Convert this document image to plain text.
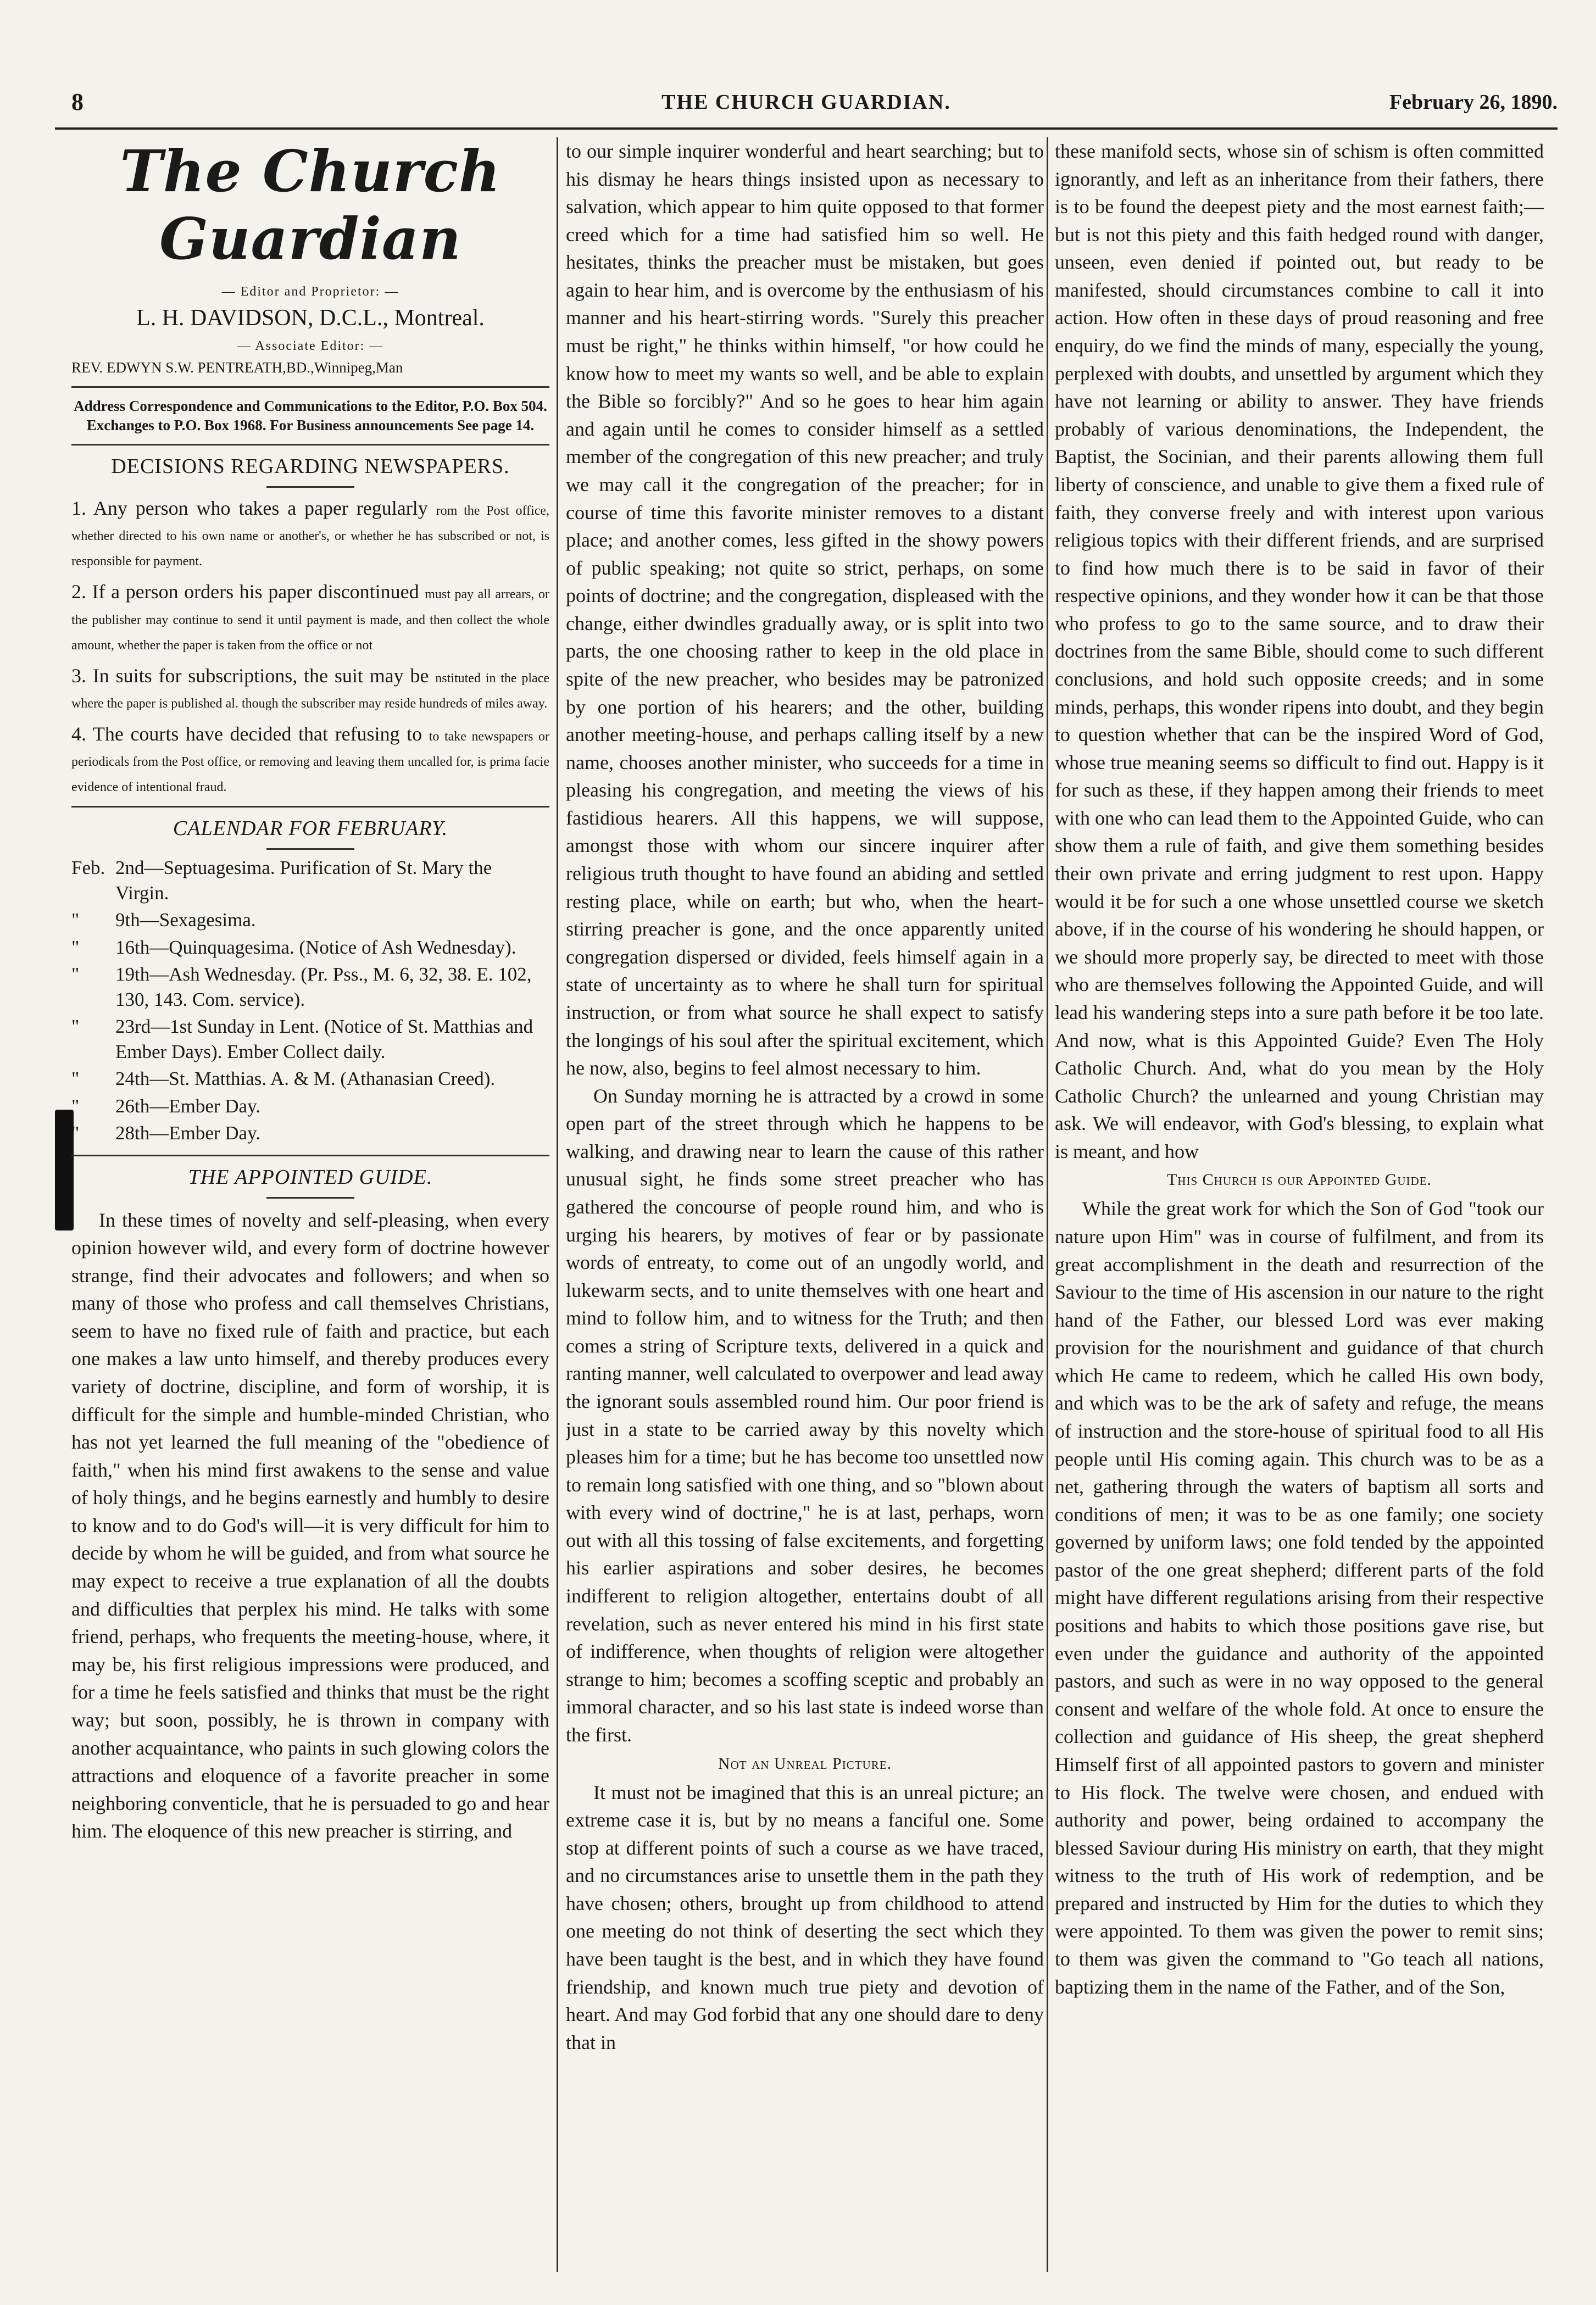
8	THE CHURCH GUARDIAN.	February 26, 1890.
The Church Guardian
— Editor and Proprietor: —
L. H. DAVIDSON, D.C.L., Montreal.
— Associate Editor: —
REV. EDWYN S.W. PENTREATH,BD.,Winnipeg,Man
Address Correspondence and Communications to the Editor, P.O. Box 504. Exchanges to P.O. Box 1968. For Business announcements See page 14.
DECISIONS REGARDING NEWSPAPERS.
1. Any person who takes a paper regularly rom the Post office, whether directed to his own name or another's, or whether he has subscribed or not, is responsible for payment.
2. If a person orders his paper discontinued must pay all arrears, or the publisher may continue to send it until payment is made, and then collect the whole amount, whether the paper is taken from the office or not
3. In suits for subscriptions, the suit may be nstituted in the place where the paper is published al. though the subscriber may reside hundreds of miles away.
4. The courts have decided that refusing to to take newspapers or periodicals from the Post office, or removing and leaving them uncalled for, is prima facie evidence of intentional fraud.
CALENDAR FOR FEBRUARY.
Feb. 2nd—Septuagesima. Purification of St. Mary the Virgin.
"	9th—Sexagesima.
"	16th—Quinquagesima. (Notice of Ash Wednesday).
"	19th—Ash Wednesday. (Pr. Pss., M. 6, 32, 38. E. 102, 130, 143. Com. service).
"	23rd—1st Sunday in Lent. (Notice of St. Matthias and Ember Days). Ember Collect daily.
"	24th—St. Matthias. A. & M. (Athanasian Creed).
"	26th—Ember Day.
"	28th—Ember Day.
THE APPOINTED GUIDE.

In these times of novelty and self-pleasing, when every opinion however wild, and every form of doctrine however strange, find their advocates and followers; and when so many of those who profess and call themselves Christians, seem to have no fixed rule of faith and practice, but each one makes a law unto himself, and thereby produces every variety of doctrine, discipline, and form of worship, it is difficult for the simple and humble-minded Christian, who has not yet learned the full meaning of the "obedience of faith," when his mind first awakens to the sense and value of holy things, and he begins earnestly and humbly to desire to know and to do God's will—it is very difficult for him to decide by whom he will be guided, and from what source he may expect to receive a true explanation of all the doubts and difficulties that perplex his mind. He talks with some friend, perhaps, who frequents the meeting-house, where, it may be, his first religious impressions were produced, and for a time he feels satisfied and thinks that must be the right way; but soon, possibly, he is thrown in company with another acquaintance, who paints in such glowing colors the attractions and eloquence of a favorite preacher in some neighboring conventicle, that he is persuaded to go and hear him. The eloquence of this new preacher is stirring, and

to our simple inquirer wonderful and heart searching; but to his dismay he hears things insisted upon as necessary to salvation, which appear to him quite opposed to that former creed which for a time had satisfied him so well. He hesitates, thinks the preacher must be mistaken, but goes again to hear him, and is overcome by the enthusiasm of his manner and his heart-stirring words. "Surely this preacher must be right," he thinks within himself, "or how could he know how to meet my wants so well, and be able to explain the Bible so forcibly?" And so he goes to hear him again and again until he comes to consider himself as a settled member of the congregation of this new preacher; and truly we may call it the congregation of the preacher; for in course of time this favorite minister removes to a distant place; and another comes, less gifted in the showy powers of public speaking; not quite so strict, perhaps, on some points of doctrine; and the congregation, displeased with the change, either dwindles gradually away, or is split into two parts, the one choosing rather to keep in the old place in spite of the new preacher, who besides may be patronized by one portion of his hearers; and the other, building another meeting-house, and perhaps calling itself by a new name, chooses another minister, who succeeds for a time in pleasing his congregation, and meeting the views of his fastidious hearers. All this happens, we will suppose, amongst those with whom our sincere inquirer after religious truth thought to have found an abiding and settled resting place, while on earth; but who, when the heart-stirring preacher is gone, and the once apparently united congregation dispersed or divided, feels himself again in a state of uncertainty as to where he shall turn for spiritual instruction, or from what source he shall expect to satisfy the longings of his soul after the spiritual excitement, which he now, also, begins to feel almost necessary to him.

On Sunday morning he is attracted by a crowd in some open part of the street through which he happens to be walking, and drawing near to learn the cause of this rather unusual sight, he finds some street preacher who has gathered the concourse of people round him, and who is urging his hearers, by motives of fear or by passionate words of entreaty, to come out of an ungodly world, and lukewarm sects, and to unite themselves with one heart and mind to follow him, and to witness for the Truth; and then comes a string of Scripture texts, delivered in a quick and ranting manner, well calculated to overpower and lead away the ignorant souls assembled round him. Our poor friend is just in a state to be carried away by this novelty which pleases him for a time; but he has become too unsettled now to remain long satisfied with one thing, and so "blown about with every wind of doctrine," he is at last, perhaps, worn out with all this tossing of false excitements, and forgetting his earlier aspirations and sober desires, he becomes indifferent to religion altogether, entertains doubt of all revelation, such as never entered his mind in his first state of indifference, when thoughts of religion were altogether strange to him; becomes a scoffing sceptic and probably an immoral character, and so his last state is indeed worse than the first.

Not an Unreal Picture.

It must not be imagined that this is an unreal picture; an extreme case it is, but by no means a fanciful one. Some stop at different points of such a course as we have traced, and no circumstances arise to unsettle them in the path they have chosen; others, brought up from childhood to attend one meeting do not think of deserting the sect which they have been taught is the best, and in which they have found friendship, and known much true piety and devotion of heart. And may God forbid that any one should dare to deny that in

these manifold sects, whose sin of schism is often committed ignorantly, and left as an inheritance from their fathers, there is to be found the deepest piety and the most earnest faith;—but is not this piety and this faith hedged round with danger, unseen, even denied if pointed out, but ready to be manifested, should circumstances combine to call it into action. How often in these days of proud reasoning and free enquiry, do we find the minds of many, especially the young, perplexed with doubts, and unsettled by argument which they have not learning or ability to answer. They have friends probably of various denominations, the Independent, the Baptist, the Socinian, and their parents allowing them full liberty of conscience, and unable to give them a fixed rule of faith, they converse freely and with interest upon various religious topics with their different friends, and are surprised to find how much there is to be said in favor of their respective opinions, and they wonder how it can be that those who profess to go to the same source, and to draw their doctrines from the same Bible, should come to such different conclusions, and hold such opposite creeds; and in some minds, perhaps, this wonder ripens into doubt, and they begin to question whether that can be the inspired Word of God, whose true meaning seems so difficult to find out. Happy is it for such as these, if they happen among their friends to meet with one who can lead them to the Appointed Guide, who can show them a rule of faith, and give them something besides their own private and erring judgment to rest upon. Happy would it be for such a one whose unsettled course we sketch above, if in the course of his wondering he should happen, or we should more properly say, be directed to meet with those who are themselves following the Appointed Guide, and will lead his wandering steps into a sure path before it be too late. And now, what is this Appointed Guide? Even The Holy Catholic Church. And, what do you mean by the Holy Catholic Church? the unlearned and young Christian may ask. We will endeavor, with God's blessing, to explain what is meant, and how

This Church is our Appointed Guide.

While the great work for which the Son of God "took our nature upon Him" was in course of fulfilment, and from its great accomplishment in the death and resurrection of the Saviour to the time of His ascension in our nature to the right hand of the Father, our blessed Lord was ever making provision for the nourishment and guidance of that church which He came to redeem, which he called His own body, and which was to be the ark of safety and refuge, the means of instruction and the store-house of spiritual food to all His people until His coming again. This church was to be as a net, gathering through the waters of baptism all sorts and conditions of men; it was to be as one family; one society governed by uniform laws; one fold tended by the appointed pastor of the one great shepherd; different parts of the fold might have different regulations arising from their respective positions and habits to which those positions gave rise, but even under the guidance and authority of the appointed pastors, and such as were in no way opposed to the general consent and welfare of the whole fold. At once to ensure the collection and guidance of His sheep, the great shepherd Himself first of all appointed pastors to govern and minister to His flock. The twelve were chosen, and endued with authority and power, being ordained to accompany the blessed Saviour during His ministry on earth, that they might witness to the truth of His work of redemption, and be prepared and instructed by Him for the duties to which they were appointed. To them was given the power to remit sins; to them was given the command to "Go teach all nations, baptizing them in the name of the Father, and of the Son,
